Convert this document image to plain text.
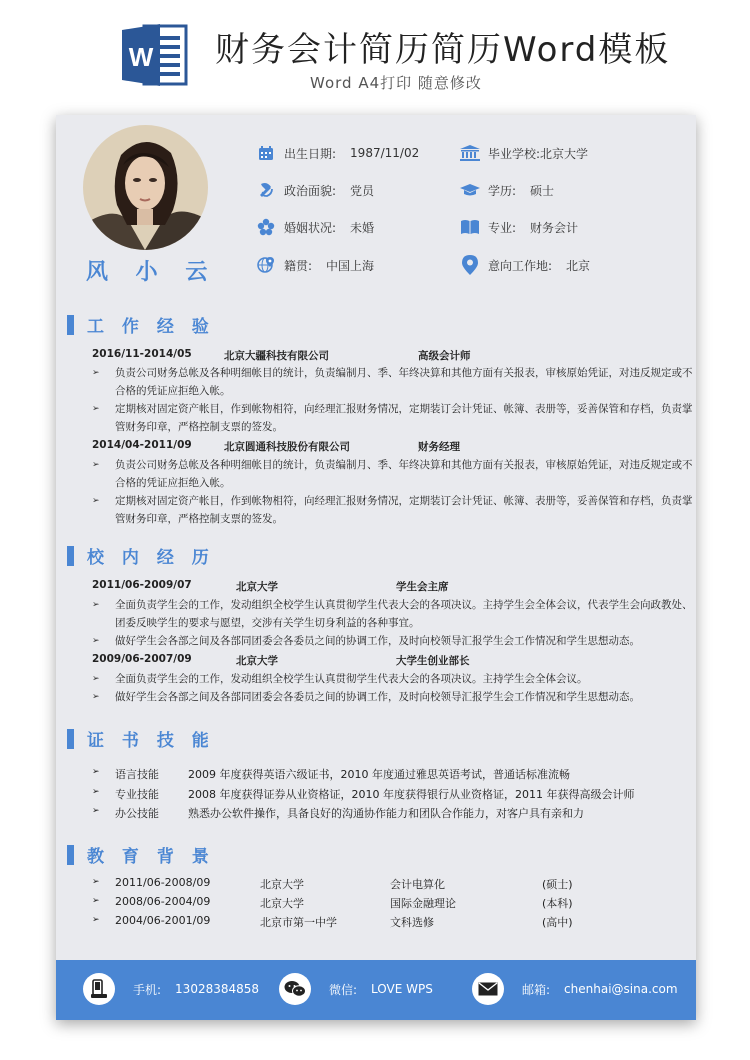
W 财务会计简历简历Word模板
Word A4打印 随意修改
风 小 云
出生日期: 1987/11/02	毕业学校: 北京大学
政治面貌: 党员	学历: 硕士
婚姻状况: 未婚	专业: 财务会计
籍贯: 中国上海	意向工作地: 北京
工 作 经 验
2016/11-2014/05	北京大疆科技有限公司	高级会计师
➢	负责公司财务总帐及各种明细帐目的统计，负责编制月、季、年终决算和其他方面有关报表，审核原始凭证，对违反规定或不合格的凭证应拒绝入帐。
➢	定期核对固定资产帐目，作到帐物相符，向经理汇报财务情况，定期装订会计凭证、帐簿、表册等，妥善保管和存档，负责掌管财务印章，严格控制支票的签发。
2014/04-2011/09	北京圆通科技股份有限公司	财务经理
➢	负责公司财务总帐及各种明细帐目的统计，负责编制月、季、年终决算和其他方面有关报表，审核原始凭证，对违反规定或不合格的凭证应拒绝入帐。
➢	定期核对固定资产帐目，作到帐物相符，向经理汇报财务情况，定期装订会计凭证、帐簿、表册等，妥善保管和存档，负责掌管财务印章，严格控制支票的签发。
校 内 经 历
2011/06-2009/07	北京大学	学生会主席
➢	全面负责学生会的工作，发动组织全校学生认真贯彻学生代表大会的各项决议。主持学生会全体会议，代表学生会向政教处、团委反映学生的要求与愿望，交涉有关学生切身利益的各种事宜。
➢	做好学生会各部之间及各部同团委会各委员之间的协调工作，及时向校领导汇报学生会工作情况和学生思想动态。
2009/06-2007/09	北京大学	大学生创业部长
➢	全面负责学生会的工作，发动组织全校学生认真贯彻学生代表大会的各项决议。主持学生会全体会议。
➢	做好学生会各部之间及各部同团委会各委员之间的协调工作，及时向校领导汇报学生会工作情况和学生思想动态。
证 书 技 能
➢ 语言技能	2009 年度获得英语六级证书，2010 年度通过雅思英语考试，普通话标准流畅
➢ 专业技能	2008 年度获得证券从业资格证，2010 年度获得银行从业资格证，2011 年获得高级会计师
➢ 办公技能	熟悉办公软件操作，具备良好的沟通协作能力和团队合作能力，对客户具有亲和力
教 育 背 景
➢ 2011/06-2008/09	北京大学	会计电算化	(硕士)
➢ 2008/06-2004/09	北京大学	国际金融理论	(本科)
➢ 2004/06-2001/09	北京市第一中学	文科选修	(高中)
手机: 13028384858	微信: LOVE WPS	邮箱: chenhai@sina.com
